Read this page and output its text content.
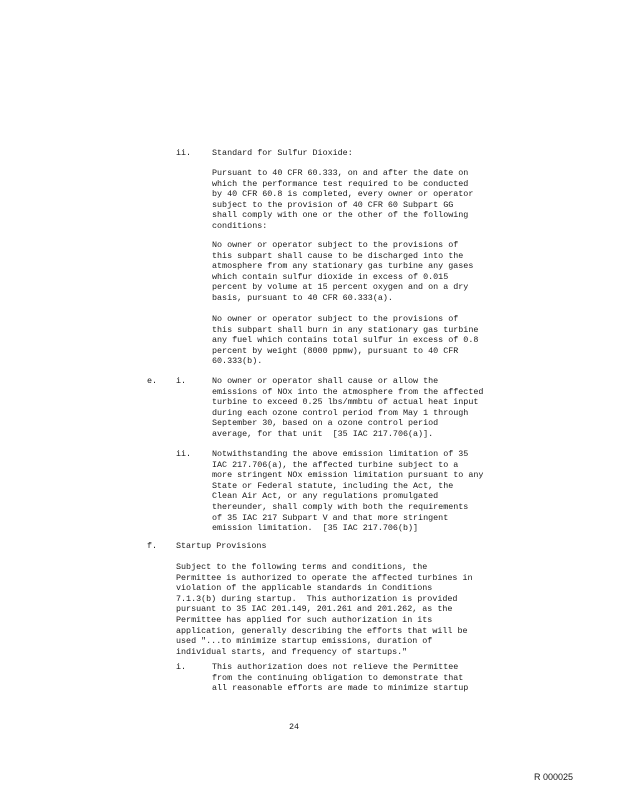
ii. Standard for Sulfur Dioxide:
Pursuant to 40 CFR 60.333, on and after the date on
which the performance test required to be conducted
by 40 CFR 60.8 is completed, every owner or operator
subject to the provision of 40 CFR 60 Subpart GG
shall comply with one or the other of the following
conditions:
No owner or operator subject to the provisions of
this subpart shall cause to be discharged into the
atmosphere from any stationary gas turbine any gases
which contain sulfur dioxide in excess of 0.015
percent by volume at 15 percent oxygen and on a dry
basis, pursuant to 40 CFR 60.333(a).
No owner or operator subject to the provisions of
this subpart shall burn in any stationary gas turbine
any fuel which contains total sulfur in excess of 0.8
percent by weight (8000 ppmw), pursuant to 40 CFR
60.333(b).
e. i.	No owner or operator shall cause or allow the
emissions of NOx into the atmosphere from the affected
turbine to exceed 0.25 lbs/mmbtu of actual heat input
during each ozone control period from May 1 through
September 30, based on a ozone control period
average, for that unit  [35 IAC 217.706(a)].
ii. Notwithstanding the above emission limitation of 35
IAC 217.706(a), the affected turbine subject to a
more stringent NOx emission limitation pursuant to any
State or Federal statute, including the Act, the
Clean Air Act, or any regulations promulgated
thereunder, shall comply with both the requirements
of 35 IAC 217 Subpart V and that more stringent
emission limitation.  [35 IAC 217.706(b)]
f. Startup Provisions
Subject to the following terms and conditions, the
Permittee is authorized to operate the affected turbines in
violation of the applicable standards in Conditions
7.1.3(b) during startup.  This authorization is provided
pursuant to 35 IAC 201.149, 201.261 and 201.262, as the
Permittee has applied for such authorization in its
application, generally describing the efforts that will be
used "...to minimize startup emissions, duration of
individual starts, and frequency of startups."
i.	This authorization does not relieve the Permittee
from the continuing obligation to demonstrate that
all reasonable efforts are made to minimize startup
24
R 000025
